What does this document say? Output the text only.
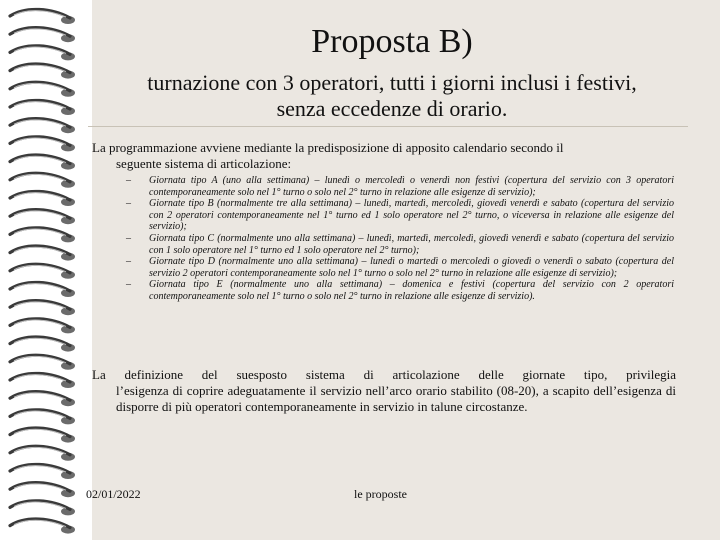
Proposta B)
turnazione con 3 operatori, tutti i giorni inclusi i festivi,
senza eccedenze di orario.
La programmazione avviene mediante la predisposizione di apposito calendario secondo il
seguente sistema di articolazione:
– Giornata tipo A (uno alla settimana) – lunedì o mercoledì o venerdì non festivi (copertura del servizio con 3 operatori contemporaneamente solo nel 1° turno o solo nel 2° turno in relazione alle esigenze di servizio);
– Giornate tipo B (normalmente tre alla settimana) – lunedì, martedì, mercoledì, giovedì venerdì e sabato (copertura del servizio con 2 operatori contemporaneamente nel 1° turno ed 1 solo operatore nel 2° turno, o viceversa in relazione alle esigenze del servizio);
– Giornata tipo C (normalmente uno alla settimana) – lunedì, martedì, mercoledì, giovedì venerdì e sabato (copertura del servizio con 1 solo operatore nel 1° turno ed 1 solo operatore nel 2° turno);
– Giornate tipo D (normalmente uno alla settimana) – lunedì o martedì o mercoledì o giovedì o venerdì o sabato (copertura del servizio 2 operatori contemporaneamente solo nel 1° turno o solo nel 2° turno in relazione alle esigenze di servizio);
– Giornata tipo E (normalmente uno alla settimana) – domenica e festivi (copertura del servizio con 2 operatori contemporaneamente solo nel 1° turno o solo nel 2° turno in relazione alle esigenze di servizio).
La definizione del suesposto sistema di articolazione delle giornate tipo, privilegia
l’esigenza di coprire adeguatamente il servizio nell’arco orario stabilito (08-20), a scapito dell’esigenza di disporre di più operatori contemporaneamente in servizio in talune circostanze.
02/01/2022	le proposte
